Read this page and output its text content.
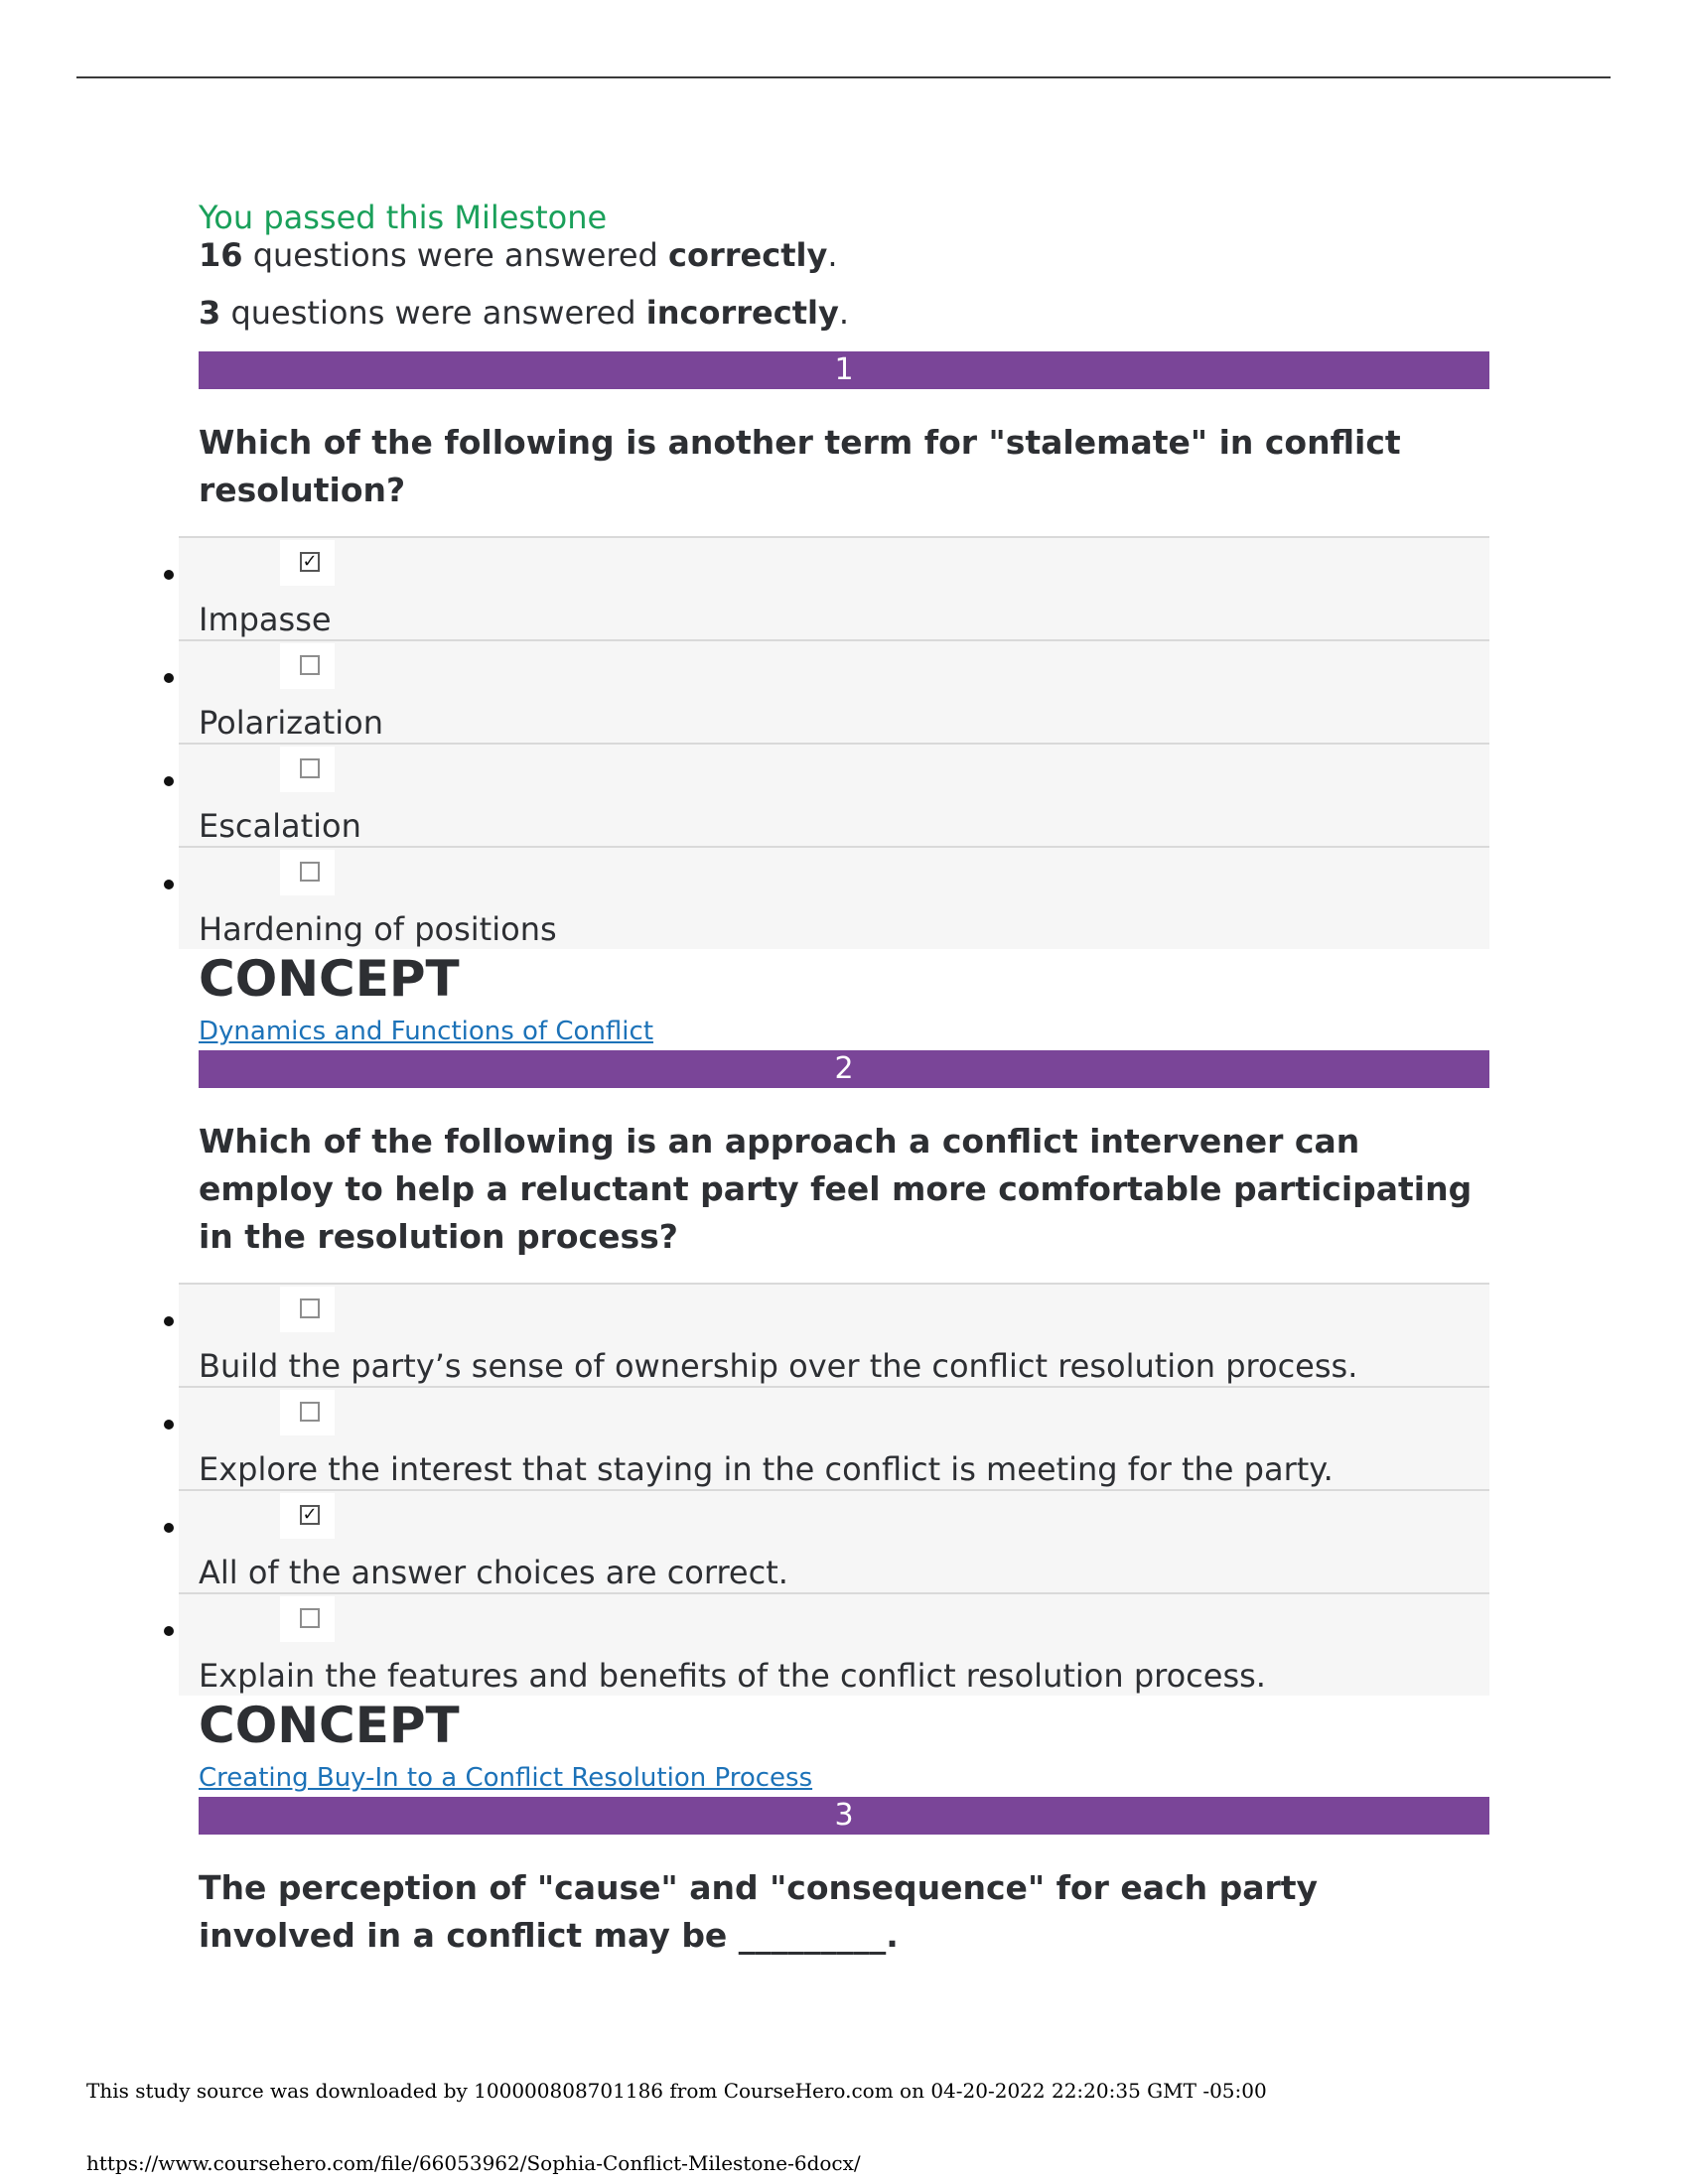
You passed this Milestone

16 questions were answered correctly.

3 questions were answered incorrectly.

1
Which of the following is another term for "stalemate" in conflict resolution?
✓
Impasse
Polarization
Escalation
Hardening of positions

CONCEPT

Dynamics and Functions of Conflict
2
Which of the following is an approach a conflict intervener can employ to help a reluctant party feel more comfortable participating in the resolution process?
Build the party’s sense of ownership over the conflict resolution process.
Explore the interest that staying in the conflict is meeting for the party.
✓
All of the answer choices are correct.
Explain the features and benefits of the conflict resolution process.

CONCEPT

Creating Buy-In to a Conflict Resolution Process
3
The perception of "cause" and "consequence" for each party involved in a conflict may be _________.
This study source was downloaded by 100000808701186 from CourseHero.com on 04-20-2022 22:20:35 GMT -05:00
https://www.coursehero.com/file/66053962/Sophia-Conflict-Milestone-6docx/
